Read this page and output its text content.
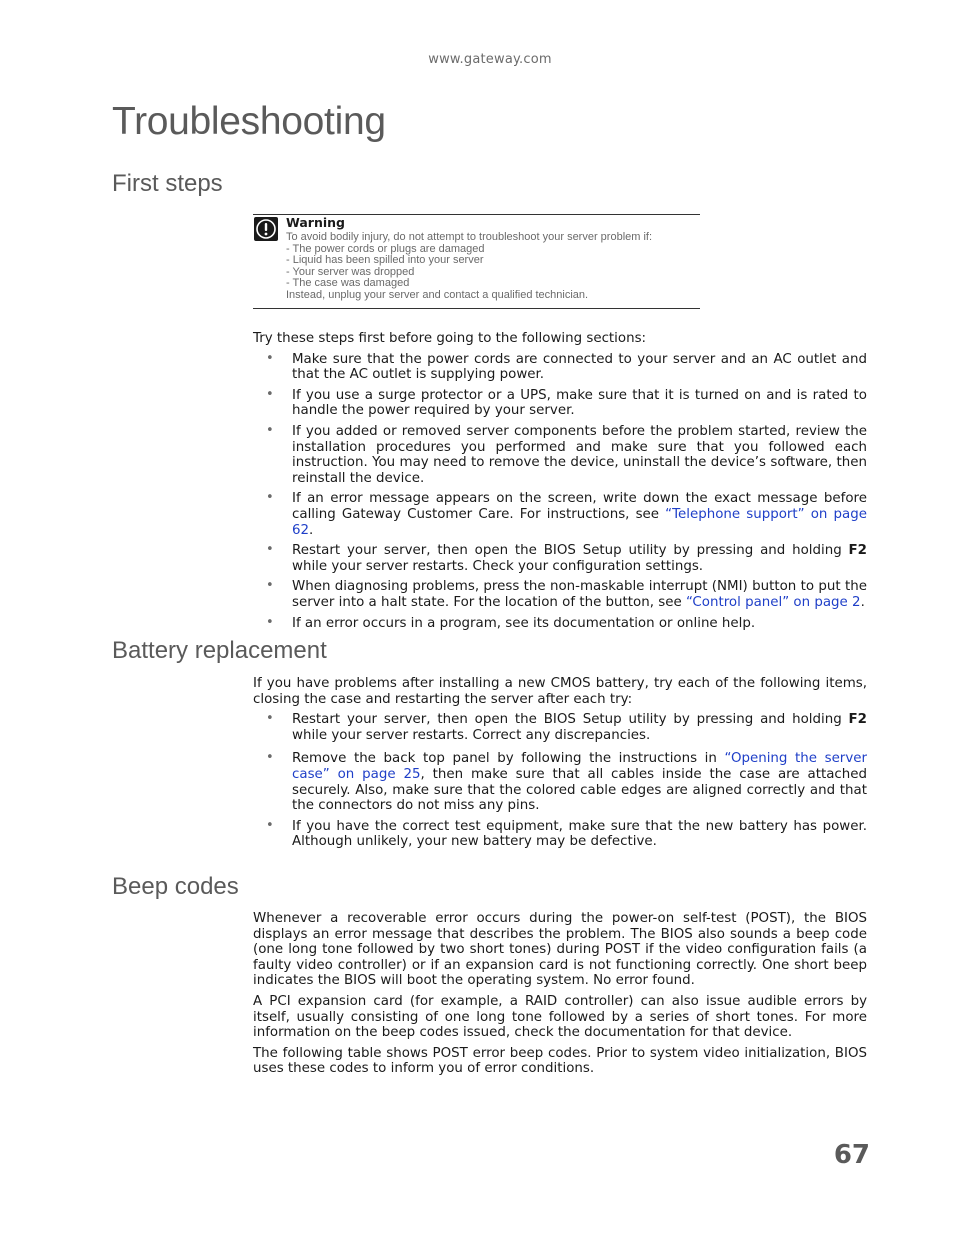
www.gateway.com
Troubleshooting
First steps
Warning
To avoid bodily injury, do not attempt to troubleshoot your server problem if:
- The power cords or plugs are damaged
- Liquid has been spilled into your server
- Your server was dropped
- The case was damaged
Instead, unplug your server and contact a qualified technician.

Try these steps first before going to the following sections:

• Make sure that the power cords are connected to your server and an AC outlet and that the AC outlet is supplying power.
• If you use a surge protector or a UPS, make sure that it is turned on and is rated to handle the power required by your server.
• If you added or removed server components before the problem started, review the installation procedures you performed and make sure that you followed each instruction. You may need to remove the device, uninstall the device’s software, then reinstall the device.
• If an error message appears on the screen, write down the exact message before calling Gateway Customer Care. For instructions, see “Telephone support” on page 62.
• Restart your server, then open the BIOS Setup utility by pressing and holding F2 while your server restarts. Check your configuration settings.
• When diagnosing problems, press the non-maskable interrupt (NMI) button to put the server into a halt state. For the location of the button, see “Control panel” on page 2.
• If an error occurs in a program, see its documentation or online help.
Battery replacement

If you have problems after installing a new CMOS battery, try each of the following items, closing the case and restarting the server after each try:

• Restart your server, then open the BIOS Setup utility by pressing and holding F2 while your server restarts. Correct any discrepancies.
• Remove the back top panel by following the instructions in “Opening the server case” on page 25, then make sure that all cables inside the case are attached securely. Also, make sure that the colored cable edges are aligned correctly and that the connectors do not miss any pins.
• If you have the correct test equipment, make sure that the new battery has power. Although unlikely, your new battery may be defective.
Beep codes

Whenever a recoverable error occurs during the power-on self-test (POST), the BIOS displays an error message that describes the problem. The BIOS also sounds a beep code (one long tone followed by two short tones) during POST if the video configuration fails (a faulty video controller) or if an expansion card is not functioning correctly. One short beep indicates the BIOS will boot the operating system. No error found.

A PCI expansion card (for example, a RAID controller) can also issue audible errors by itself, usually consisting of one long tone followed by a series of short tones. For more information on the beep codes issued, check the documentation for that device.

The following table shows POST error beep codes. Prior to system video initialization, BIOS uses these codes to inform you of error conditions.

67
